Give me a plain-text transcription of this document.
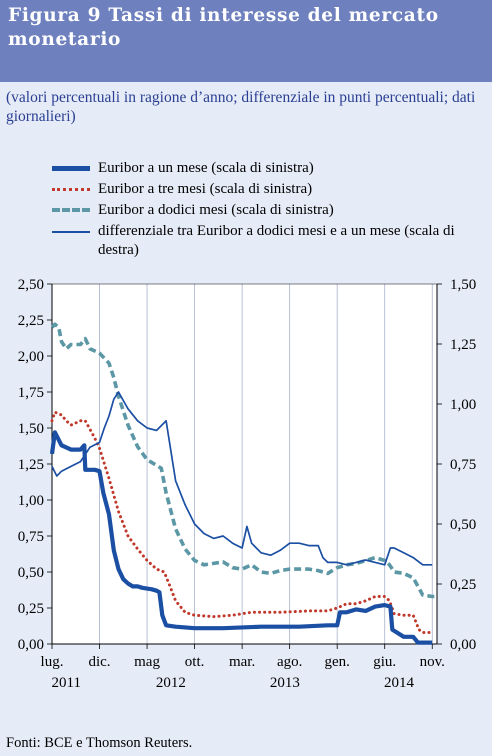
Figura 9 Tassi di interesse del mercato monetario
(valori percentuali in ragione d’anno; differenziale in punti percentuali; dati giornalieri)
Euribor a un mese (scala di sinistra)
Euribor a tre mesi (scala di sinistra)
Euribor a dodici mesi (scala di sinistra)
differenziale tra Euribor a dodici mesi e a un mese (scala di destra)
lug. dic. mag ott. mar. ago. gen. giu. nov.
2011	2012	2013	2014
0,00
0,25
0,50
0,75
1,00
1,25
1,50
1,75
2,00
2,25
2,50
0,00
0,25
0,50
0,75
1,00
1,25
1,50
Fonti: BCE e Thomson Reuters.
